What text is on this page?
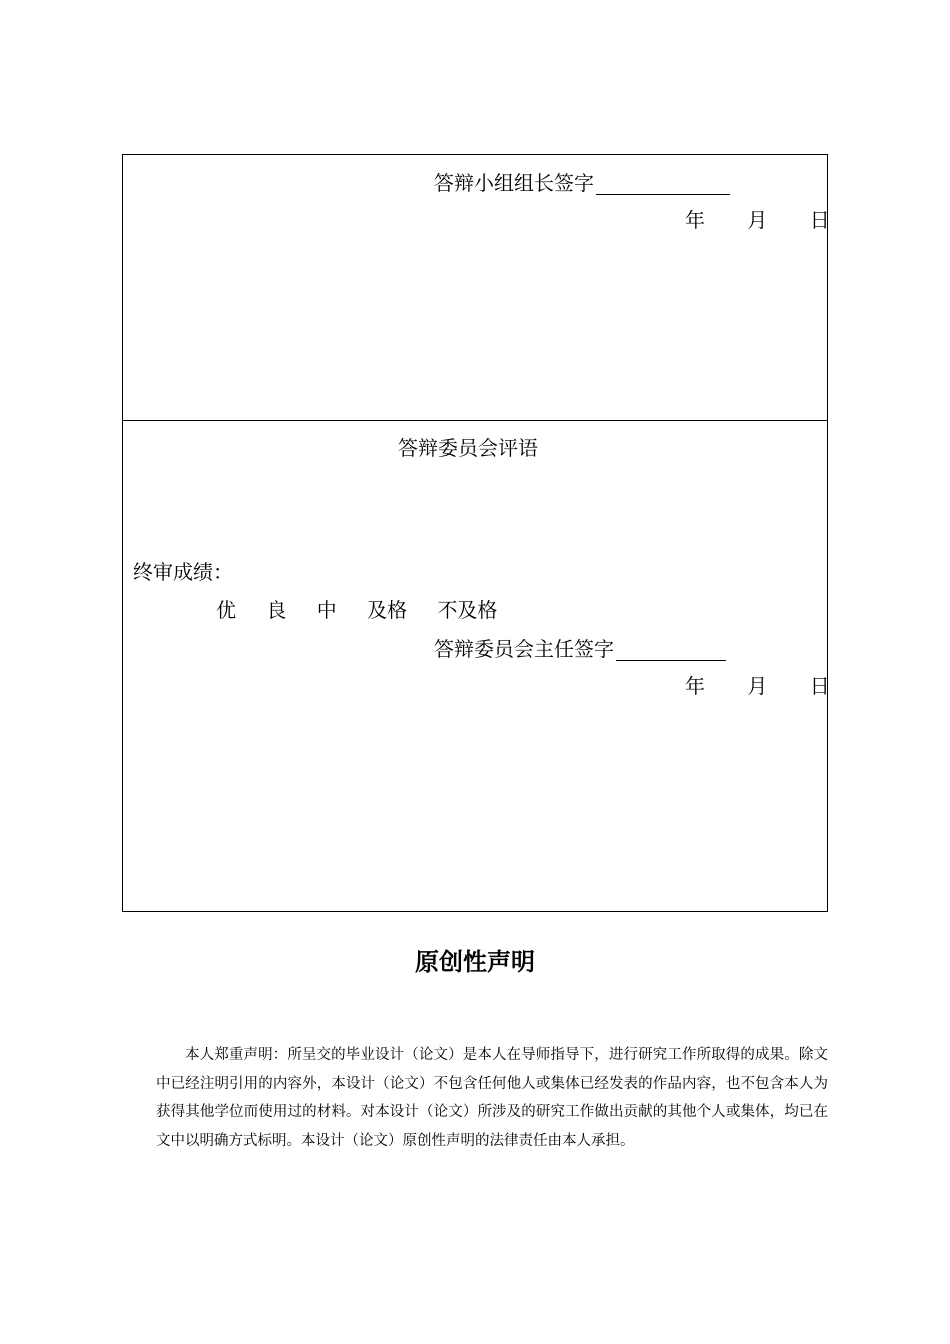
答辩小组组长签字
年 月 日
答辩委员会评语
终审成绩：
优 良 中 及格 不及格
答辩委员会主任签字
年 月 日
原创性声明

本人郑重声明：所呈交的毕业设计（论文）是本人在导师指导下，进行研究工作所取得的成果。除文中已经注明引用的内容外，本设计（论文）不包含任何他人或集体已经发表的作品内容，也不包含本人为获得其他学位而使用过的材料。对本设计（论文）所涉及的研究工作做出贡献的其他个人或集体，均已在文中以明确方式标明。本设计（论文）原创性声明的法律责任由本人承担。
